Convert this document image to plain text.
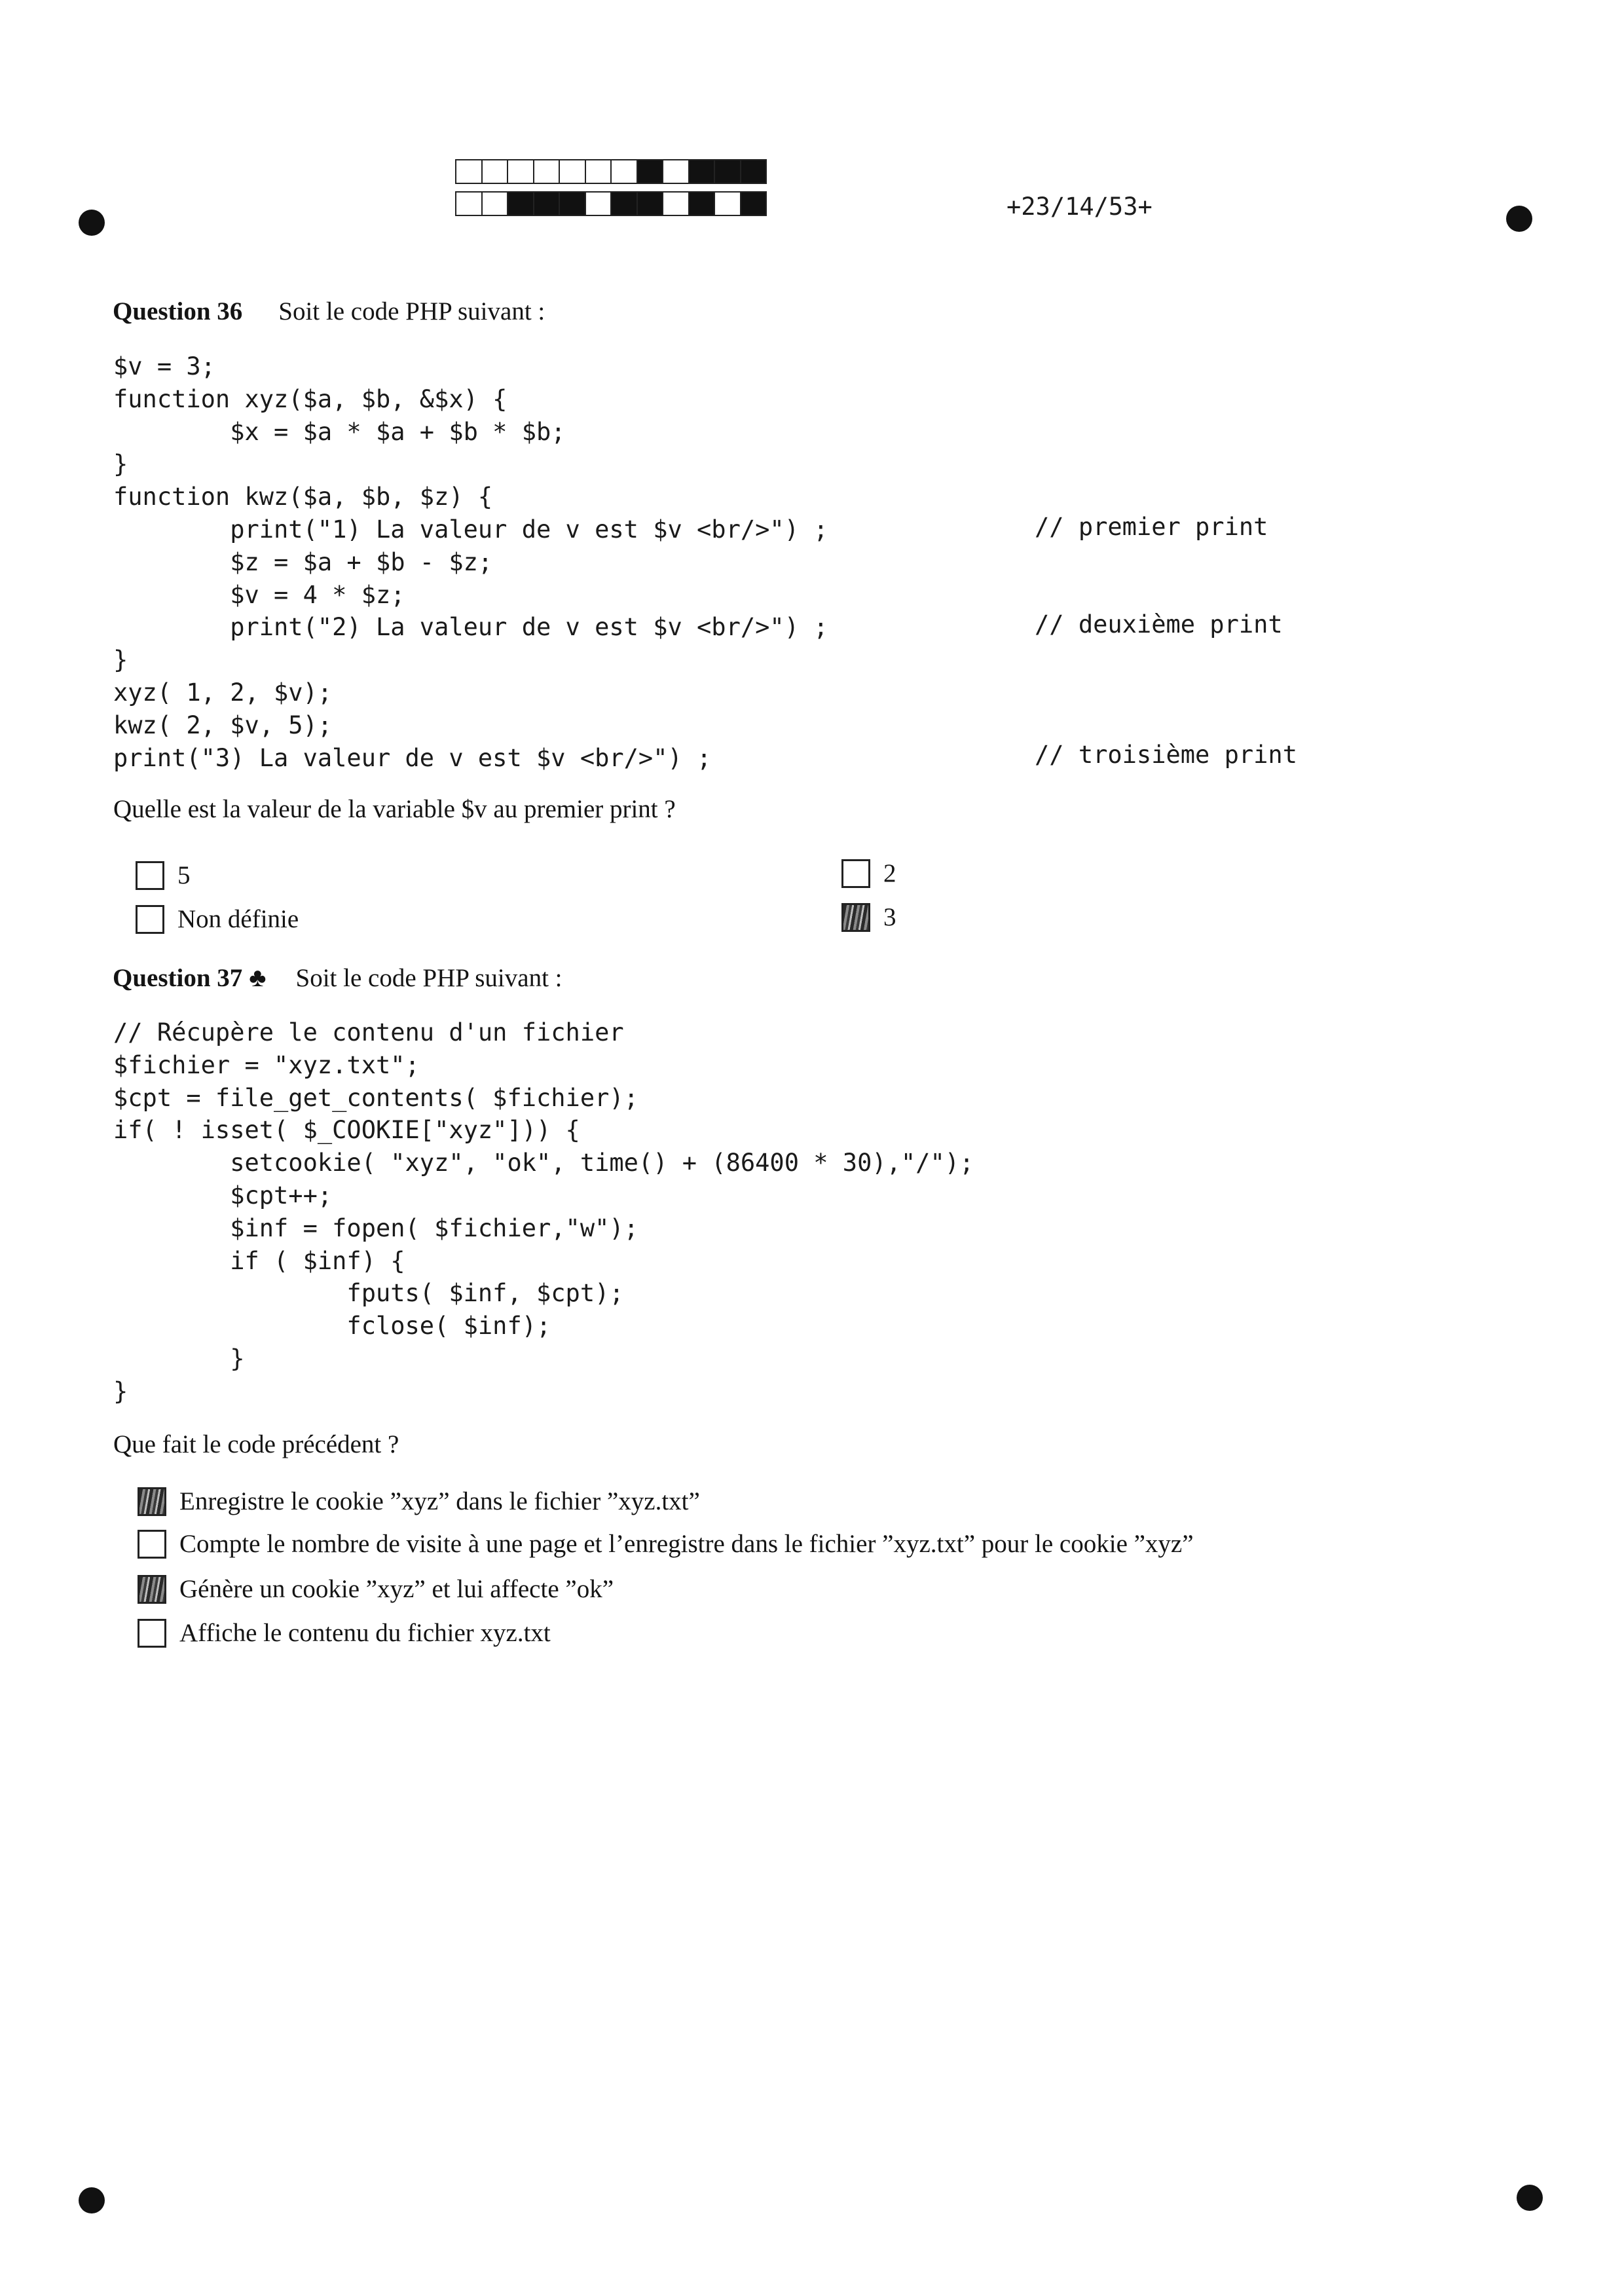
+23/14/53+
Question 36 Soit le code PHP suivant :
$v = 3;
function xyz($a, $b, &$x) {
$x = $a * $a + $b * $b;
}
function kwz($a, $b, $z) {
print("1) La valeur de v est $v <br/>") ;
$z = $a + $b - $z;
$v = 4 * $z;
print("2) La valeur de v est $v <br/>") ;
}
xyz( 1, 2, $v);
kwz( 2, $v, 5);
print("3) La valeur de v est $v <br/>") ;
// premier print
// deuxième print
// troisième print
Quelle est la valeur de la variable $v au premier print ?
5
Non définie
2
3
Question 37 ♣ Soit le code PHP suivant :
// Récupère le contenu d'un fichier
$fichier = "xyz.txt";
$cpt = file_get_contents( $fichier);
if( ! isset( $_COOKIE["xyz"])) {
setcookie( "xyz", "ok", time() + (86400 * 30),"/");
$cpt++;
$inf = fopen( $fichier,"w");
if ( $inf) {
fputs( $inf, $cpt);
fclose( $inf);
}
}
Que fait le code précédent ?
Enregistre le cookie ”xyz” dans le fichier ”xyz.txt”
Compte le nombre de visite à une page et l’enregistre dans le fichier ”xyz.txt” pour le cookie ”xyz”
Génère un cookie ”xyz” et lui affecte ”ok”
Affiche le contenu du fichier xyz.txt
